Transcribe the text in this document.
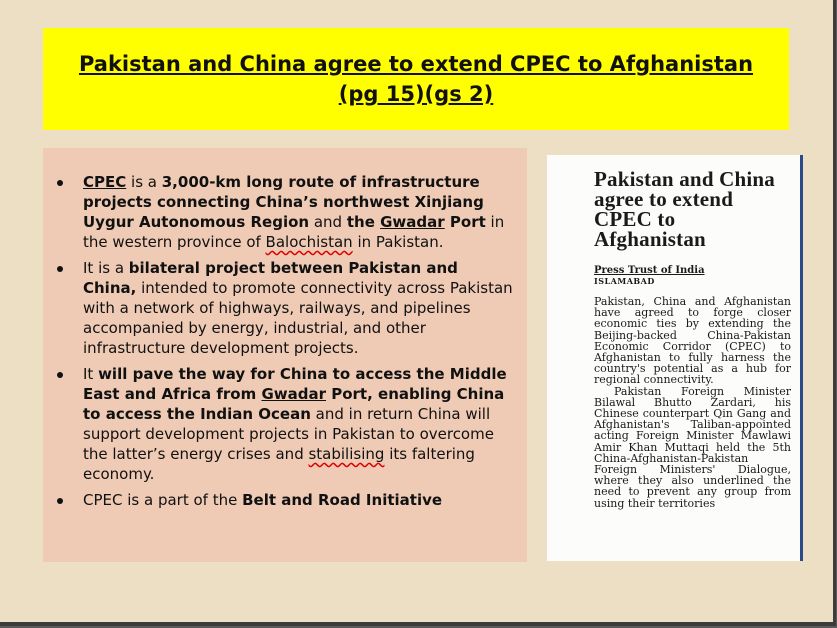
Pakistan and China agree to extend CPEC to Afghanistan
(pg 15)(gs 2)
CPEC is a 3,000-km long route of infrastructure projects connecting China’s northwest Xinjiang Uygur Autonomous Region and the Gwadar Port in the western province of Balochistan in Pakistan.
It is a bilateral project between Pakistan and China, intended to promote connectivity across Pakistan with a network of highways, railways, and pipelines accompanied by energy, industrial, and other infrastructure development projects.
It will pave the way for China to access the Middle East and Africa from Gwadar Port, enabling China to access the Indian Ocean and in return China will support development projects in Pakistan to overcome the latter’s energy crises and stabilising its faltering economy.
CPEC is a part of the Belt and Road Initiative
Pakistan and China agree to extend CPEC to Afghanistan
Press Trust of India
ISLAMABAD
Pakistan, China and Afghanistan have agreed to forge closer economic ties by extending the Beijing-backed China-Pakistan Economic Corridor (CPEC) to Afghanistan to fully harness the country's potential as a hub for regional connectivity.
Pakistan Foreign Minister Bilawal Bhutto Zardari, his Chinese counterpart Qin Gang and Afghanistan's Taliban-appointed acting Foreign Minister Mawlawi Amir Khan Muttaqi held the 5th China-Afghanistan-Pakistan Foreign Ministers' Dialogue, where they also underlined the need to prevent any group from using their territories
